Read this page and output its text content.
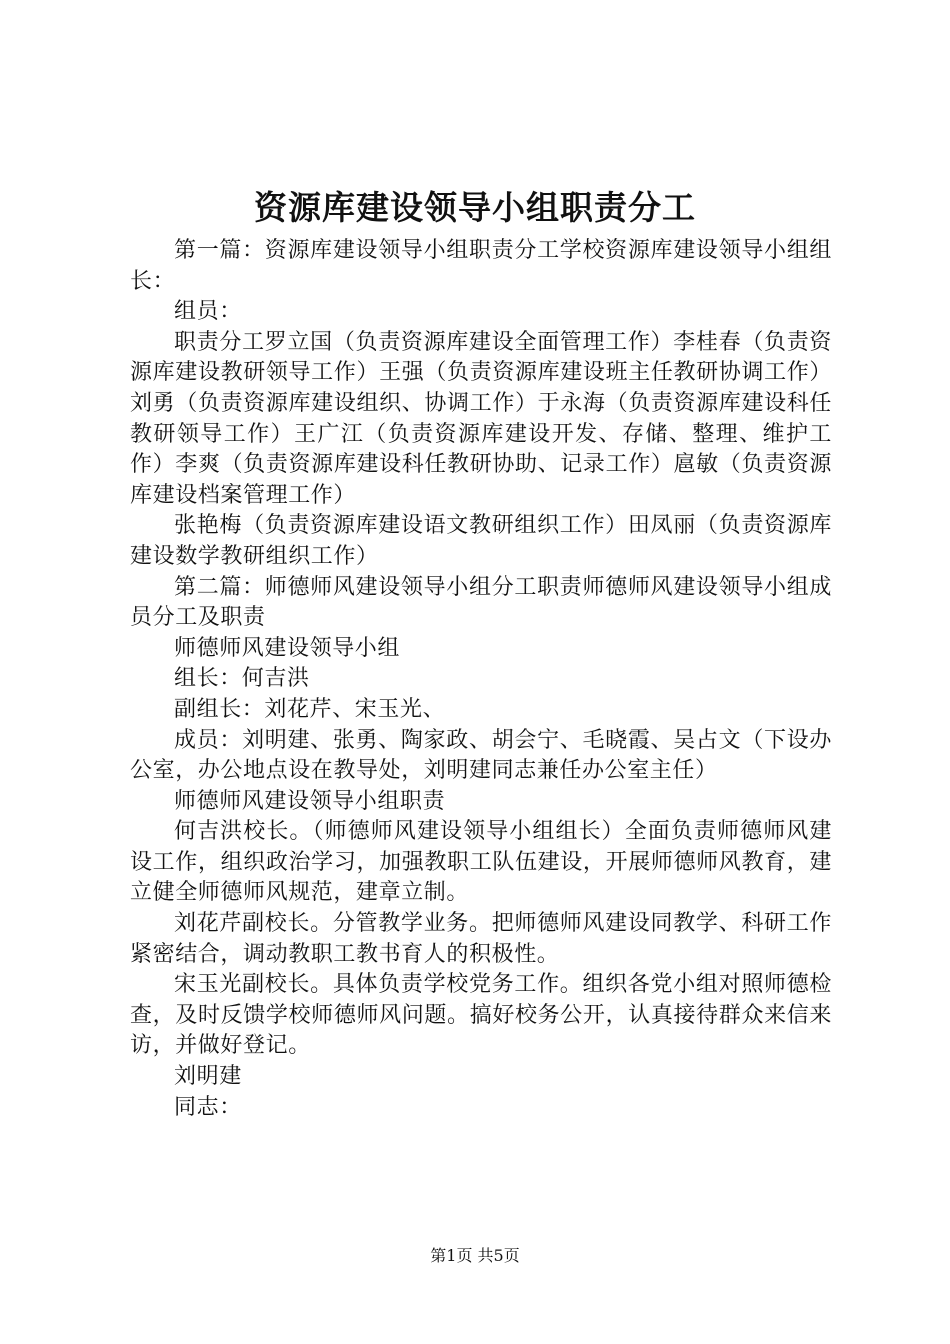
资源库建设领导小组职责分工

第一篇：资源库建设领导小组职责分工学校资源库建设领导小组组长：

组员：

职责分工罗立国（负责资源库建设全面管理工作）李桂春（负责资源库建设教研领导工作）王强（负责资源库建设班主任教研协调工作）刘勇（负责资源库建设组织、协调工作）于永海（负责资源库建设科任教研领导工作）王广江（负责资源库建设开发、存储、整理、维护工作）李爽（负责资源库建设科任教研协助、记录工作）扈敏（负责资源库建设档案管理工作）

张艳梅（负责资源库建设语文教研组织工作）田凤丽（负责资源库建设数学教研组织工作）

第二篇：师德师风建设领导小组分工职责师德师风建设领导小组成员分工及职责

师德师风建设领导小组

组长：何吉洪

副组长：刘花芹、宋玉光、

成员：刘明建、张勇、陶家政、胡会宁、毛晓霞、吴占文（下设办公室，办公地点设在教导处，刘明建同志兼任办公室主任）

师德师风建设领导小组职责

何吉洪校长。（师德师风建设领导小组组长）全面负责师德师风建设工作，组织政治学习，加强教职工队伍建设，开展师德师风教育，建立健全师德师风规范，建章立制。

刘花芹副校长。分管教学业务。把师德师风建设同教学、科研工作紧密结合，调动教职工教书育人的积极性。

宋玉光副校长。具体负责学校党务工作。组织各党小组对照师德检查，及时反馈学校师德师风问题。搞好校务公开，认真接待群众来信来访，并做好登记。

刘明建

同志：

第1页 共5页
